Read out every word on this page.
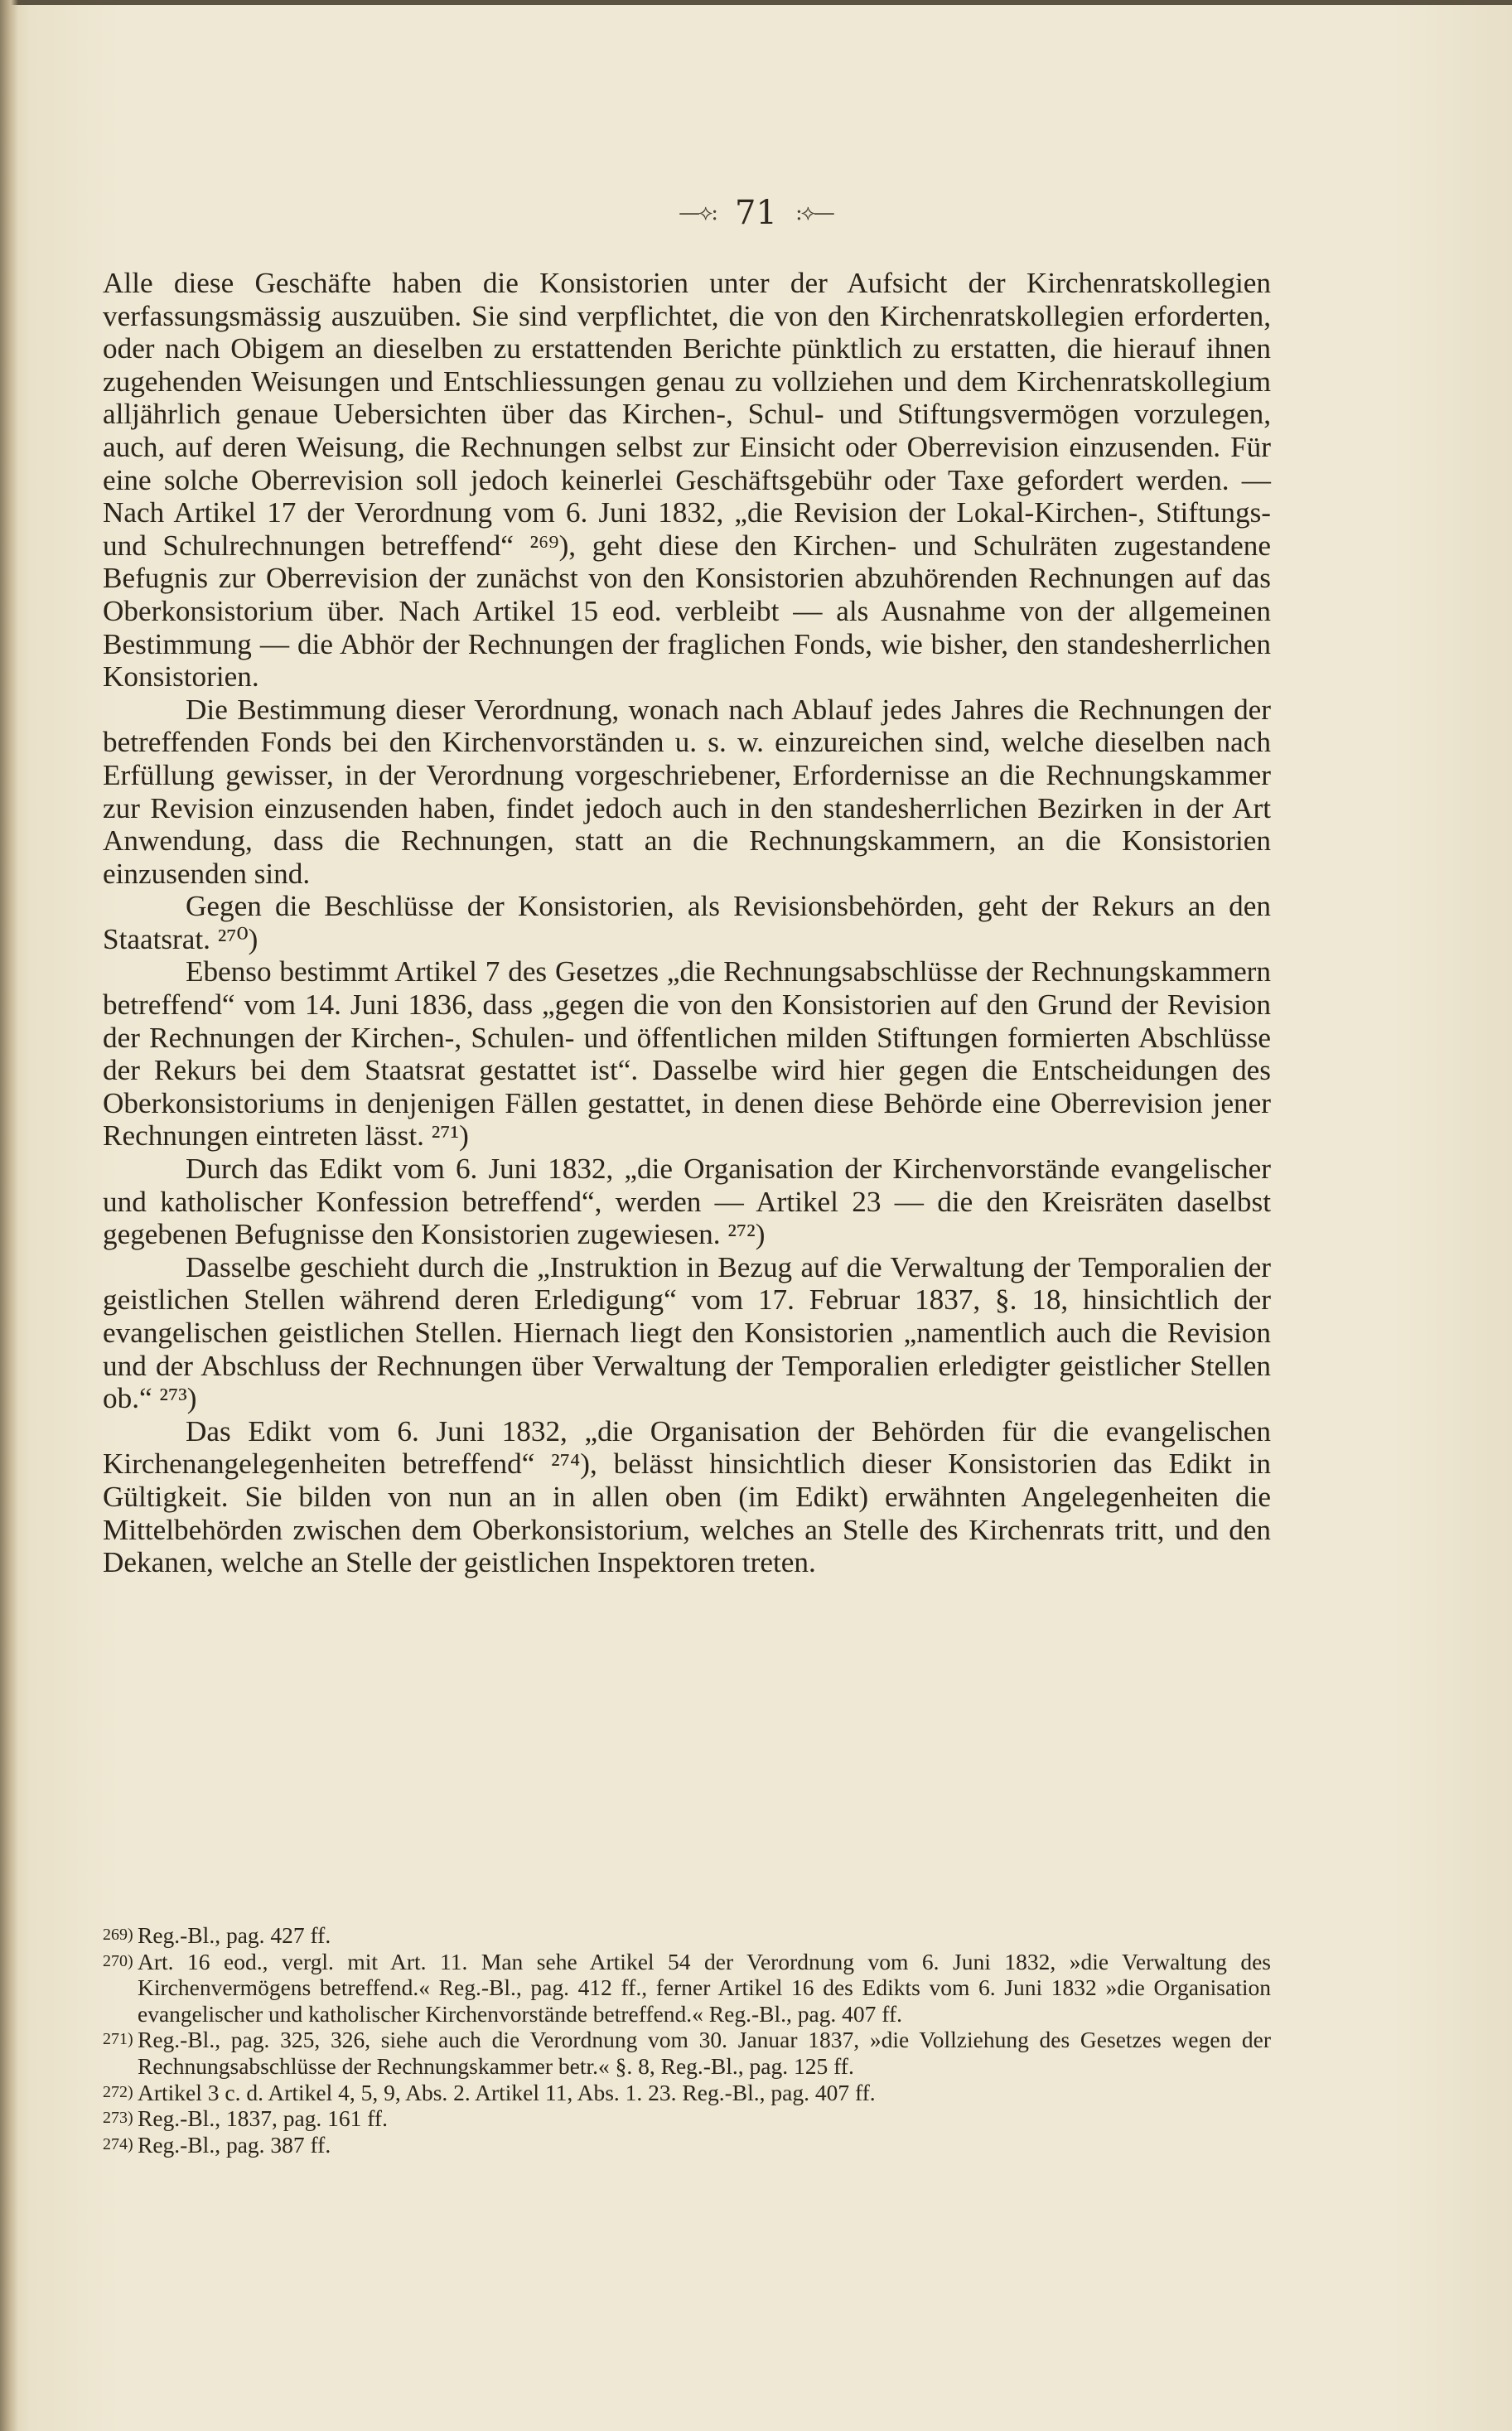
—⟡: 71 :⟡—

Alle diese Geschäfte haben die Konsistorien unter der Aufsicht der Kirchenratskollegien verfassungsmässig auszuüben. Sie sind verpflichtet, die von den Kirchenratskollegien erforderten, oder nach Obigem an dieselben zu erstattenden Berichte pünktlich zu erstatten, die hierauf ihnen zugehenden Weisungen und Entschliessungen genau zu vollziehen und dem Kirchenratskollegium alljährlich genaue Uebersichten über das Kirchen-, Schul- und Stiftungsvermögen vorzulegen, auch, auf deren Weisung, die Rechnungen selbst zur Einsicht oder Oberrevision einzusenden. Für eine solche Oberrevision soll jedoch keinerlei Geschäftsgebühr oder Taxe gefordert werden. — Nach Artikel 17 der Verordnung vom 6. Juni 1832, „die Revision der Lokal-Kirchen-, Stiftungs- und Schulrechnungen betreffend“ ²⁶⁹), geht diese den Kirchen- und Schulräten zugestandene Befugnis zur Oberrevision der zunächst von den Konsistorien abzuhörenden Rechnungen auf das Oberkonsistorium über. Nach Artikel 15 eod. verbleibt — als Ausnahme von der allgemeinen Bestimmung — die Abhör der Rechnungen der fraglichen Fonds, wie bisher, den standesherrlichen Konsistorien.

Die Bestimmung dieser Verordnung, wonach nach Ablauf jedes Jahres die Rechnungen der betreffenden Fonds bei den Kirchenvorständen u. s. w. einzureichen sind, welche dieselben nach Erfüllung gewisser, in der Verordnung vorgeschriebener, Erfordernisse an die Rechnungskammer zur Revision einzusenden haben, findet jedoch auch in den standesherrlichen Bezirken in der Art Anwendung, dass die Rechnungen, statt an die Rechnungskammern, an die Konsistorien einzusenden sind.

Gegen die Beschlüsse der Konsistorien, als Revisionsbehörden, geht der Rekurs an den Staatsrat. ²⁷⁰)

Ebenso bestimmt Artikel 7 des Gesetzes „die Rechnungsabschlüsse der Rechnungskammern betreffend“ vom 14. Juni 1836, dass „gegen die von den Konsistorien auf den Grund der Revision der Rechnungen der Kirchen-, Schulen- und öffentlichen milden Stiftungen formierten Abschlüsse der Rekurs bei dem Staatsrat gestattet ist“. Dasselbe wird hier gegen die Entscheidungen des Oberkonsistoriums in denjenigen Fällen gestattet, in denen diese Behörde eine Oberrevision jener Rechnungen eintreten lässt. ²⁷¹)

Durch das Edikt vom 6. Juni 1832, „die Organisation der Kirchenvorstände evangelischer und katholischer Konfession betreffend“, werden — Artikel 23 — die den Kreisräten daselbst gegebenen Befugnisse den Konsistorien zugewiesen. ²⁷²)

Dasselbe geschieht durch die „Instruktion in Bezug auf die Verwaltung der Temporalien der geistlichen Stellen während deren Erledigung“ vom 17. Februar 1837, §. 18, hinsichtlich der evangelischen geistlichen Stellen. Hiernach liegt den Konsistorien „namentlich auch die Revision und der Abschluss der Rechnungen über Verwaltung der Temporalien erledigter geistlicher Stellen ob.“ ²⁷³)

Das Edikt vom 6. Juni 1832, „die Organisation der Behörden für die evangelischen Kirchenangelegenheiten betreffend“ ²⁷⁴), belässt hinsichtlich dieser Konsistorien das Edikt in Gültigkeit. Sie bilden von nun an in allen oben (im Edikt) erwähnten Angelegenheiten die Mittelbehörden zwischen dem Oberkonsistorium, welches an Stelle des Kirchenrats tritt, und den Dekanen, welche an Stelle der geistlichen Inspektoren treten.

269) Reg.-Bl., pag. 427 ff.

270) Art. 16 eod., vergl. mit Art. 11. Man sehe Artikel 54 der Verordnung vom 6. Juni 1832, »die Verwaltung des Kirchenvermögens betreffend.« Reg.-Bl., pag. 412 ff., ferner Artikel 16 des Edikts vom 6. Juni 1832 »die Organisation evangelischer und katholischer Kirchenvorstände betreffend.« Reg.-Bl., pag. 407 ff.

271) Reg.-Bl., pag. 325, 326, siehe auch die Verordnung vom 30. Januar 1837, »die Vollziehung des Gesetzes wegen der Rechnungsabschlüsse der Rechnungskammer betr.« §. 8, Reg.-Bl., pag. 125 ff.

272) Artikel 3 c. d. Artikel 4, 5, 9, Abs. 2. Artikel 11, Abs. 1. 23. Reg.-Bl., pag. 407 ff.

273) Reg.-Bl., 1837, pag. 161 ff.

274) Reg.-Bl., pag. 387 ff.
